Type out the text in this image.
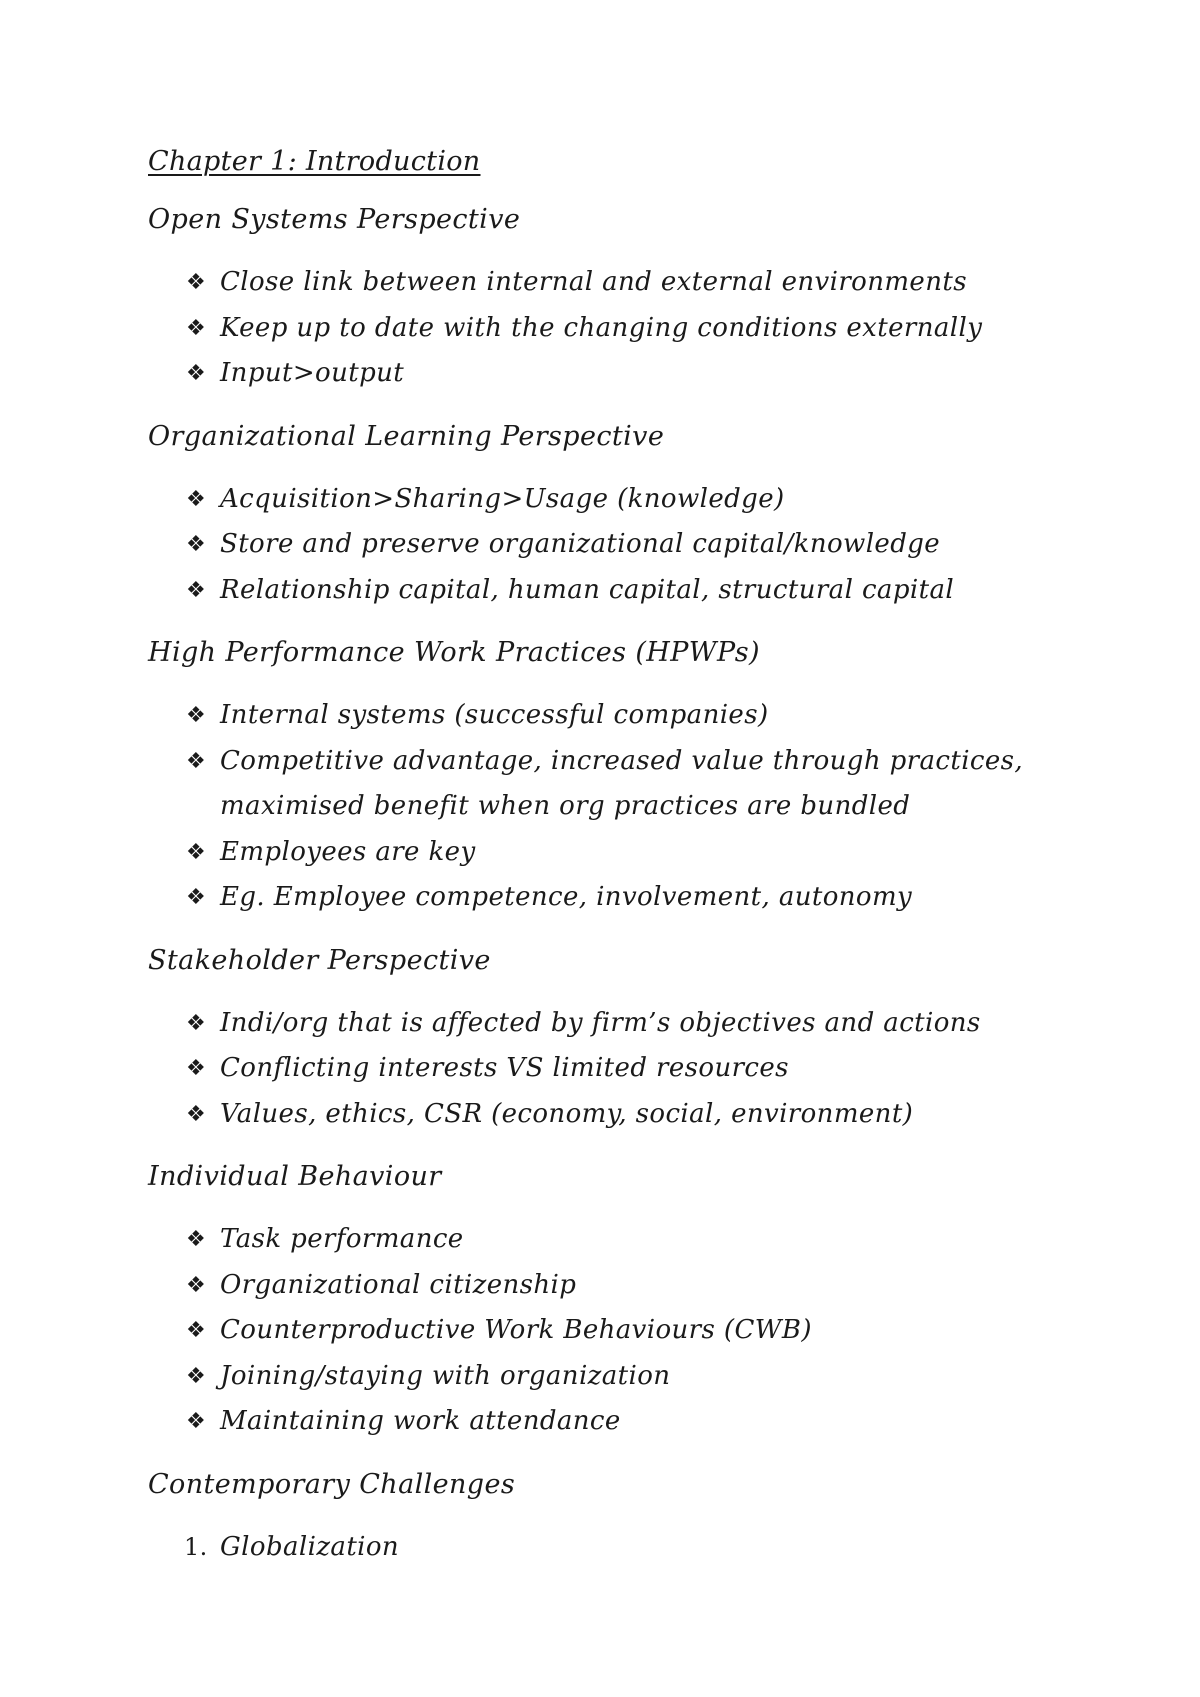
Chapter 1: Introduction
Open Systems Perspective
❖ Close link between internal and external environments
❖ Keep up to date with the changing conditions externally
❖ Input>output
Organizational Learning Perspective
❖ Acquisition>Sharing>Usage (knowledge)
❖ Store and preserve organizational capital/knowledge
❖ Relationship capital, human capital, structural capital
High Performance Work Practices (HPWPs)
❖ Internal systems (successful companies)
❖ Competitive advantage, increased value through practices, maximised benefit when org practices are bundled
❖ Employees are key
❖ Eg. Employee competence, involvement, autonomy
Stakeholder Perspective
❖ Indi/org that is affected by firm’s objectives and actions
❖ Conflicting interests VS limited resources
❖ Values, ethics, CSR (economy, social, environment)
Individual Behaviour
❖ Task performance
❖ Organizational citizenship
❖ Counterproductive Work Behaviours (CWB)
❖ Joining/staying with organization
❖ Maintaining work attendance
Contemporary Challenges
1. Globalization
